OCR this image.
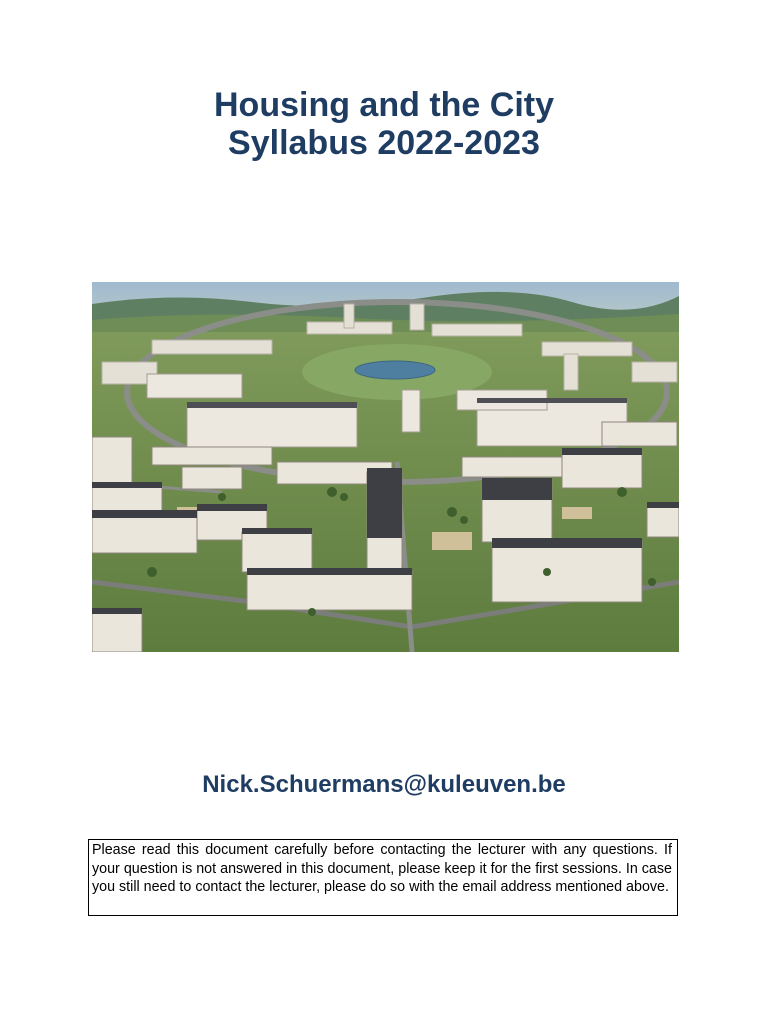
Housing and the City
Syllabus 2022-2023
Nick.Schuermans@kuleuven.be
Please read this document carefully before contacting the lecturer with any questions. If your question is not answered in this document, please keep it for the first sessions. In case you still need to contact the lecturer, please do so with the email address mentioned above.
